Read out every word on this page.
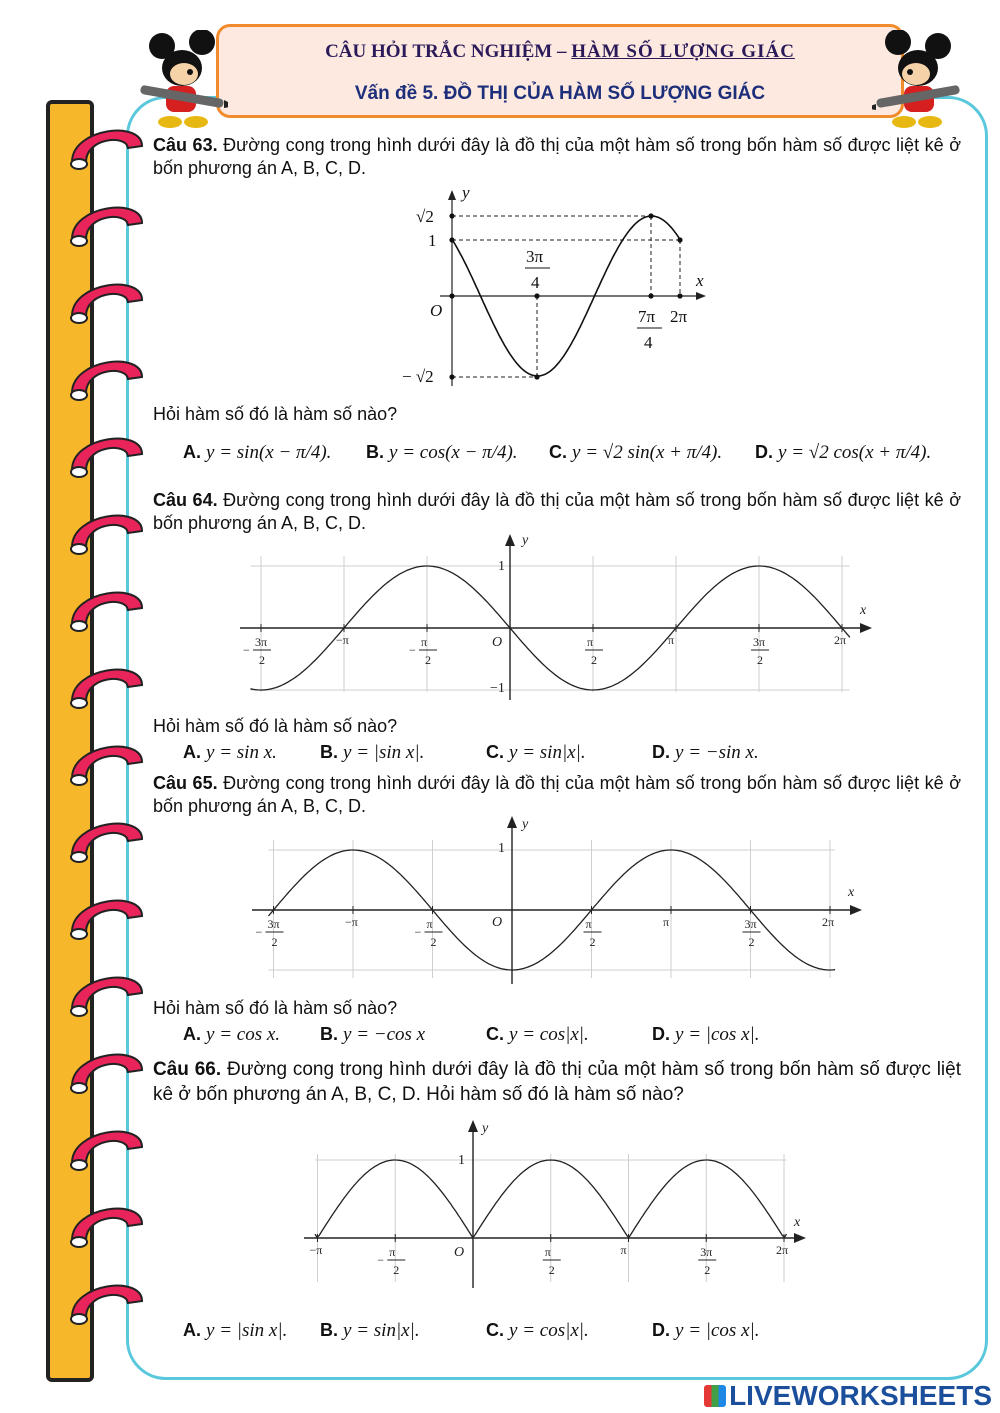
CÂU HỎI TRẮC NGHIỆM – HÀM SỐ LƯỢNG GIÁC
Vấn đề 5. ĐỒ THỊ CỦA HÀM SỐ LƯỢNG GIÁC
Câu 63. Đường cong trong hình dưới đây là đồ thị của một hàm số trong bốn hàm số được liệt kê ở bốn phương án A, B, C, D.
y
x
O
√2
1
− √2
3π
4
7π
4
2π
Hỏi hàm số đó là hàm số nào?
A. y = sin(x − π/4). B. y = cos(x − π/4). C. y = √2 sin(x + π/4). D. y = √2 cos(x + π/4).
Câu 64. Đường cong trong hình dưới đây là đồ thị của một hàm số trong bốn hàm số được liệt kê ở bốn phương án A, B, C, D.
y
x
O
1
−1
3π
2
−
−π	π
2
−
π
2
π	3π
2
2π
Hỏi hàm số đó là hàm số nào?
A. y = sin x. B. y = |sin x|.	C. y = sin|x|.	D. y = −sin x.
Câu 65. Đường cong trong hình dưới đây là đồ thị của một hàm số trong bốn hàm số được liệt kê ở bốn phương án A, B, C, D.
y
x
O
1
3π
2
−
−π	π
2
−
π
2
π	3π
2
2π
Hỏi hàm số đó là hàm số nào?
A. y = cos x. B. y = −cos x	C. y = cos|x|.	D. y = |cos x|.
Câu 66. Đường cong trong hình dưới đây là đồ thị của một hàm số trong bốn hàm số được liệt kê ở bốn phương án A, B, C, D. Hỏi hàm số đó là hàm số nào?
y
x
O
1
−π	π
2
−
π
2
π	3π
2
2π
A. y = |sin x|. B. y = sin|x|.	C. y = cos|x|.	D. y = |cos x|.
LIVEWORKSHEETS
